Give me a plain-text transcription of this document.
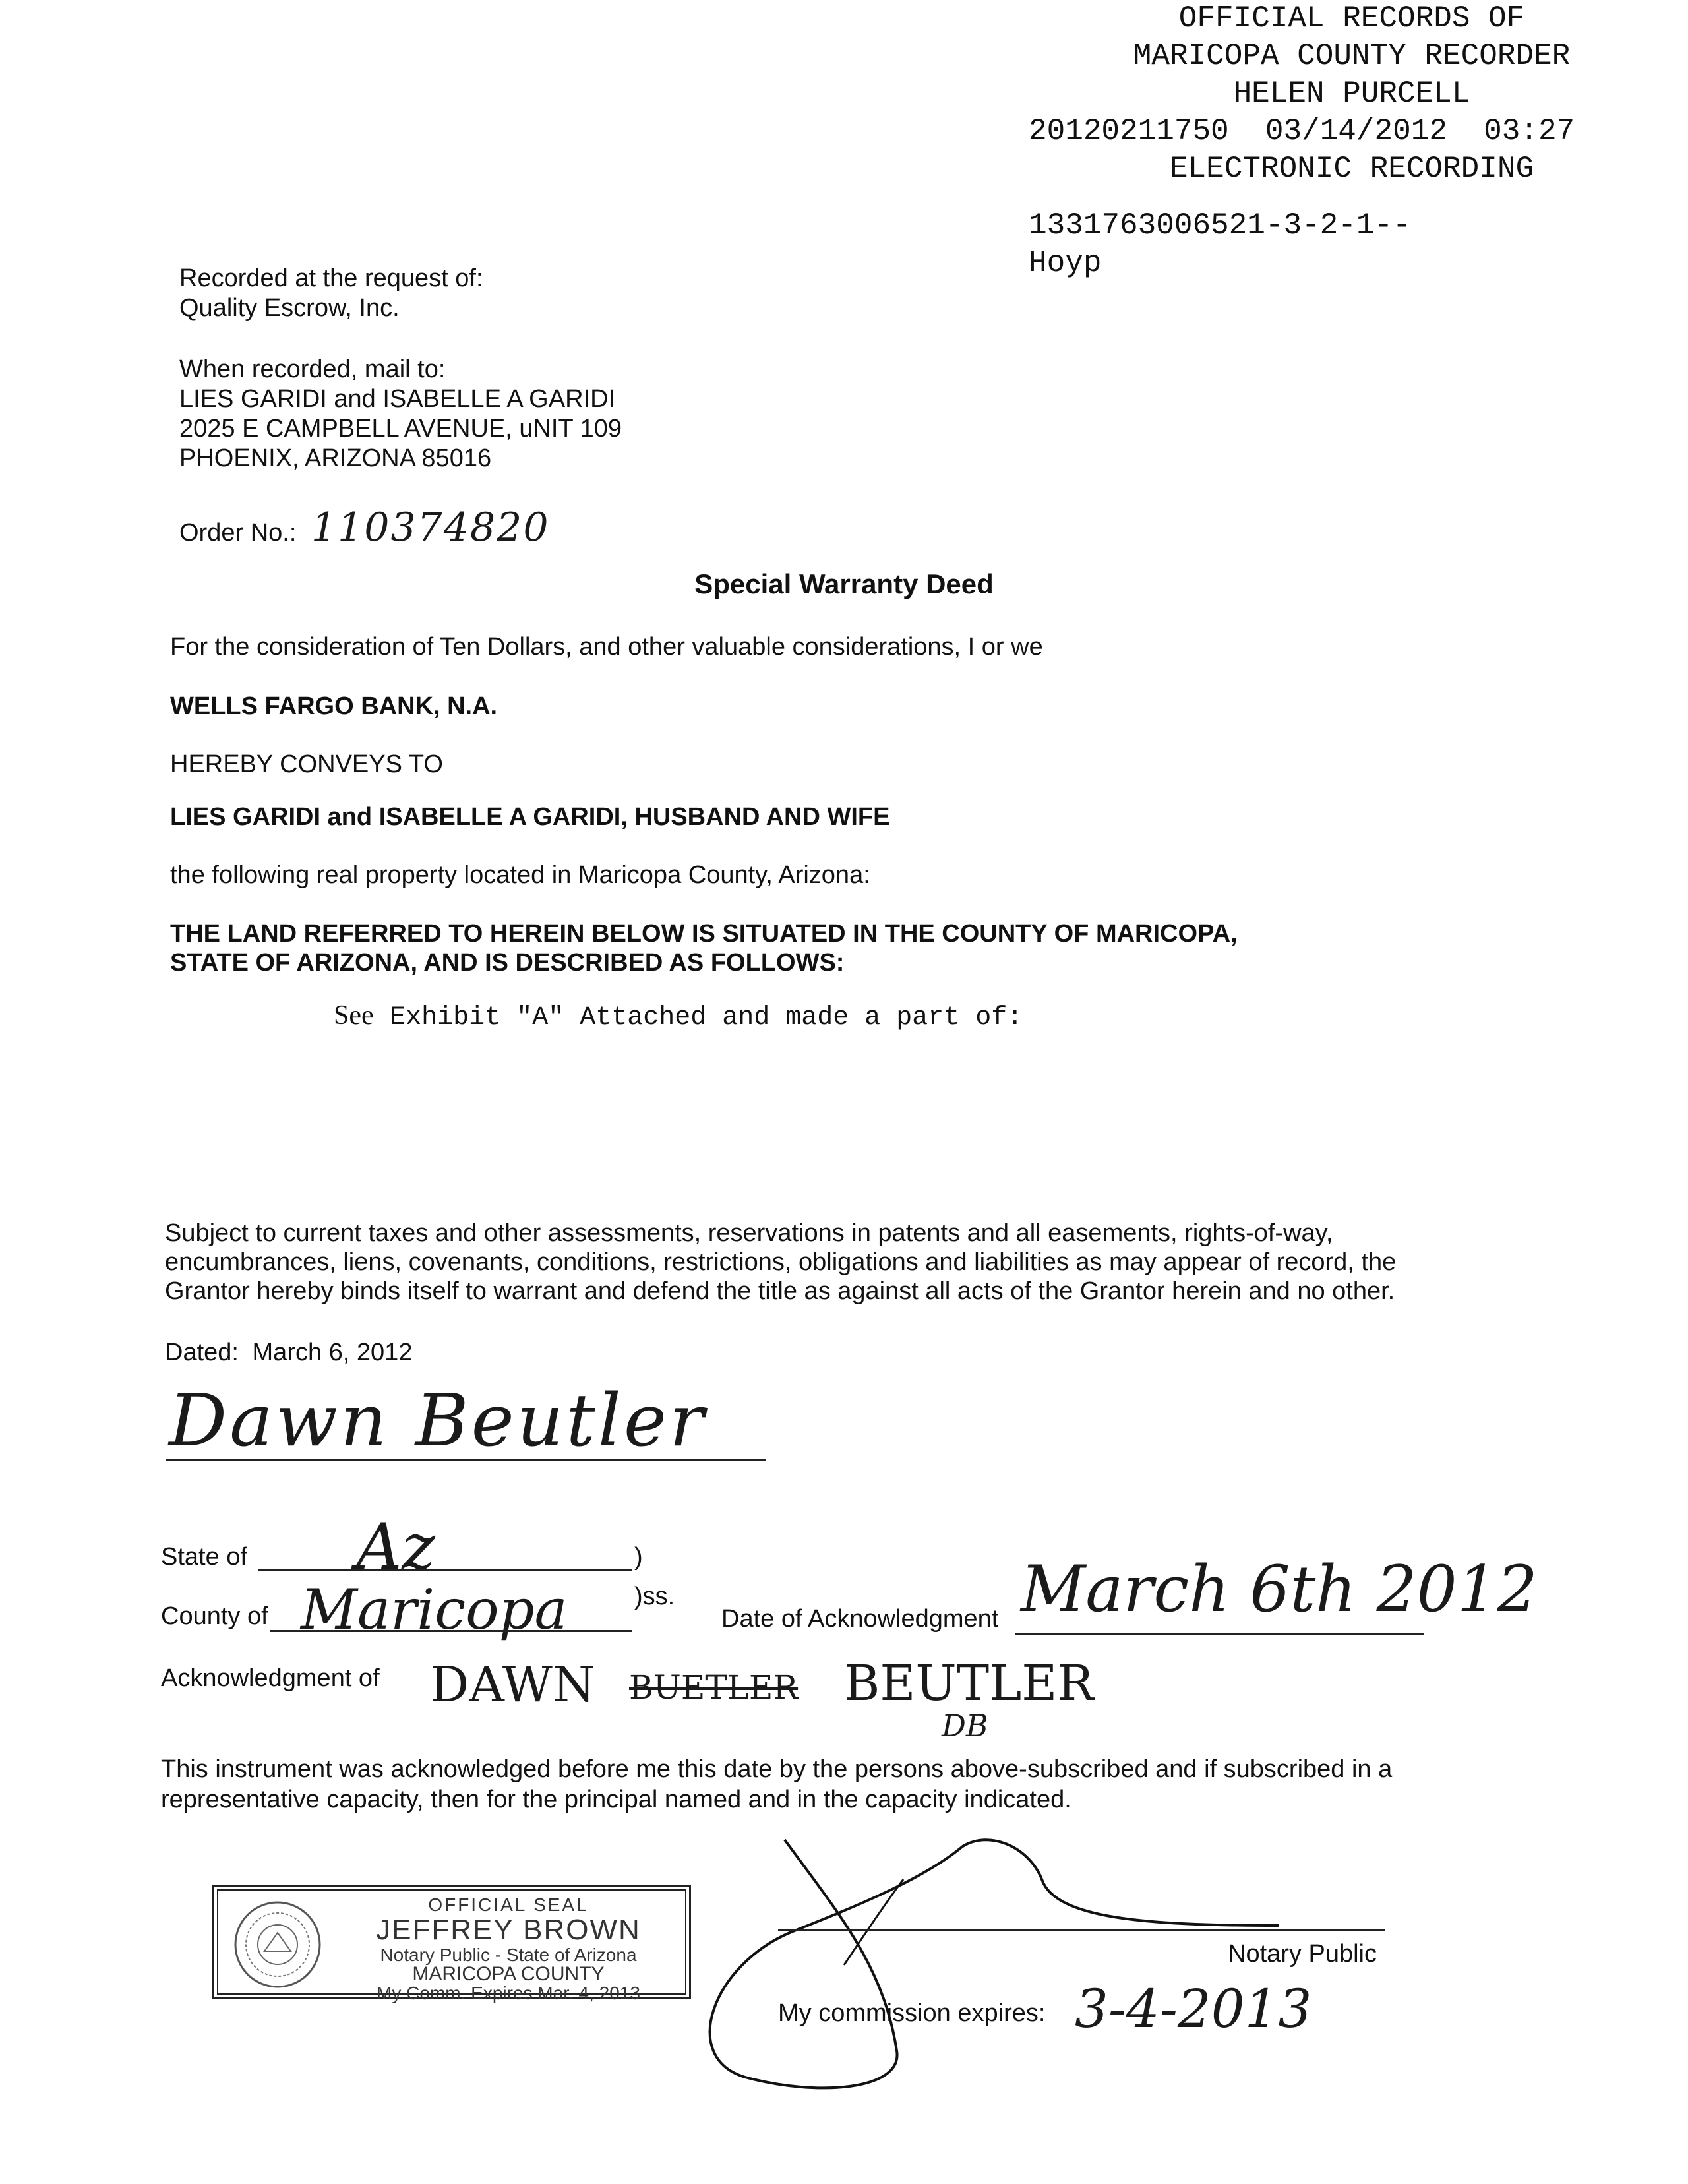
OFFICIAL RECORDS OF
MARICOPA COUNTY RECORDER
HELEN PURCELL
20120211750 03/14/2012 03:27
ELECTRONIC RECORDING
1331763006521-3-2-1--
Hoyp
Recorded at the request of:
Quality Escrow, Inc.
When recorded, mail to:
LIES GARIDI and ISABELLE A GARIDI
2025 E CAMPBELL AVENUE, uNIT 109
PHOENIX, ARIZONA 85016
Order No.: 110374820
Special Warranty Deed
For the consideration of Ten Dollars, and other valuable considerations, I or we
WELLS FARGO BANK, N.A.
HEREBY CONVEYS TO
LIES GARIDI and ISABELLE A GARIDI, HUSBAND AND WIFE
the following real property located in Maricopa County, Arizona:
THE LAND REFERRED TO HEREIN BELOW IS SITUATED IN THE COUNTY OF MARICOPA,
STATE OF ARIZONA, AND IS DESCRIBED AS FOLLOWS:
See Exhibit "A" Attached and made a part of:
Subject to current taxes and other assessments, reservations in patents and all easements, rights-of-way,
encumbrances, liens, covenants, conditions, restrictions, obligations and liabilities as may appear of record, the
Grantor hereby binds itself to warrant and defend the title as against all acts of the Grantor herein and no other.
Dated: March 6, 2012
Dawn Beutler
State of Az	)
County of Maricopa	)ss.
Date of Acknowledgment March 6th 2012
Acknowledgment of DAWN BUETLER BEUTLER
DB
This instrument was acknowledged before me this date by the persons above-subscribed and if subscribed in a
representative capacity, then for the principal named and in the capacity indicated.
OFFICIAL SEAL
JEFFREY BROWN
Notary Public - State of Arizona
MARICOPA COUNTY
My Comm. Expires Mar. 4, 2013
Notary Public
My commission expires: 3-4-2013
